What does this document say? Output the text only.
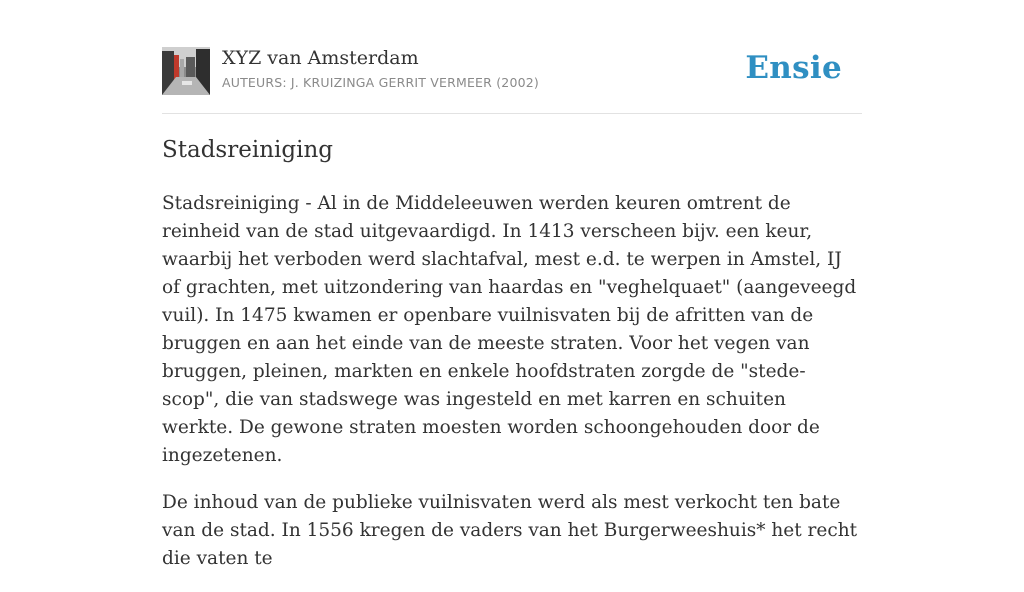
XYZ van Amsterdam
AUTEURS: J. KRUIZINGA GERRIT VERMEER (2002)	Ensie
Stadsreiniging

Stadsreiniging - Al in de Middeleeuwen werden keuren omtrent de reinheid van de stad uitgevaardigd. In 1413 verscheen bijv. een keur, waarbij het verboden werd slachtafval, mest e.d. te werpen in Amstel, IJ of grachten, met uitzondering van haardas en "veghelquaet" (aangeveegd vuil). In 1475 kwamen er openbare vuilnisvaten bij de afritten van de bruggen en aan het einde van de meeste straten. Voor het vegen van bruggen, pleinen, markten en enkele hoofdstraten zorgde de "stede-scop", die van stadswege was ingesteld en met karren en schuiten werkte. De gewone straten moesten worden schoongehouden door de ingezetenen.

De inhoud van de publieke vuilnisvaten werd als mest verkocht ten bate van de stad. In 1556 kregen de vaders van het Burgerweeshuis* het recht die vaten te
